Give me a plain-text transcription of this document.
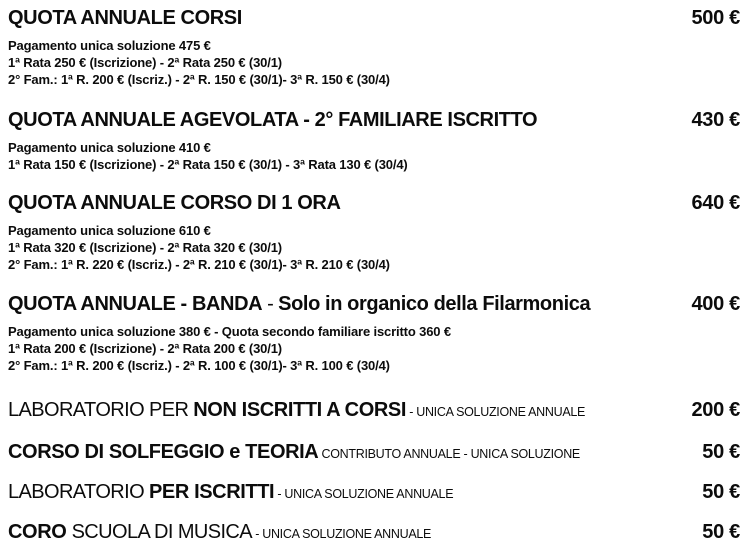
QUOTA ANNUALE CORSI	500 €

Pagamento unica soluzione 475 €

1ª Rata 250 € (Iscrizione) - 2ª Rata 250 € (30/1)

2° Fam.: 1ª R. 200 € (Iscriz.) - 2ª R. 150 € (30/1)- 3ª R. 150 € (30/4)

QUOTA ANNUALE AGEVOLATA - 2° FAMILIARE ISCRITTO	430 €

Pagamento unica soluzione 410 €

1ª Rata 150 € (Iscrizione) - 2ª Rata 150 € (30/1) - 3ª Rata 130 € (30/4)

QUOTA ANNUALE CORSO DI 1 ORA	640 €

Pagamento unica soluzione 610 €

1ª Rata 320 € (Iscrizione) - 2ª Rata 320 € (30/1)

2° Fam.: 1ª R. 220 € (Iscriz.) - 2ª R. 210 € (30/1)- 3ª R. 210 € (30/4)

QUOTA ANNUALE - BANDA - Solo in organico della Filarmonica	400 €

Pagamento unica soluzione 380 € - Quota secondo familiare iscritto 360 €

1ª Rata 200 € (Iscrizione) - 2ª Rata 200 € (30/1)

2° Fam.: 1ª R. 200 € (Iscriz.) - 2ª R. 100 € (30/1)- 3ª R. 100 € (30/4)

LABORATORIO PER NON ISCRITTI A CORSI - UNICA SOLUZIONE ANNUALE	200 €
CORSO DI SOLFEGGIO e TEORIA CONTRIBUTO ANNUALE - UNICA SOLUZIONE	50 €
LABORATORIO PER ISCRITTI - UNICA SOLUZIONE ANNUALE	50 €
CORO SCUOLA DI MUSICA - UNICA SOLUZIONE ANNUALE	50 €
